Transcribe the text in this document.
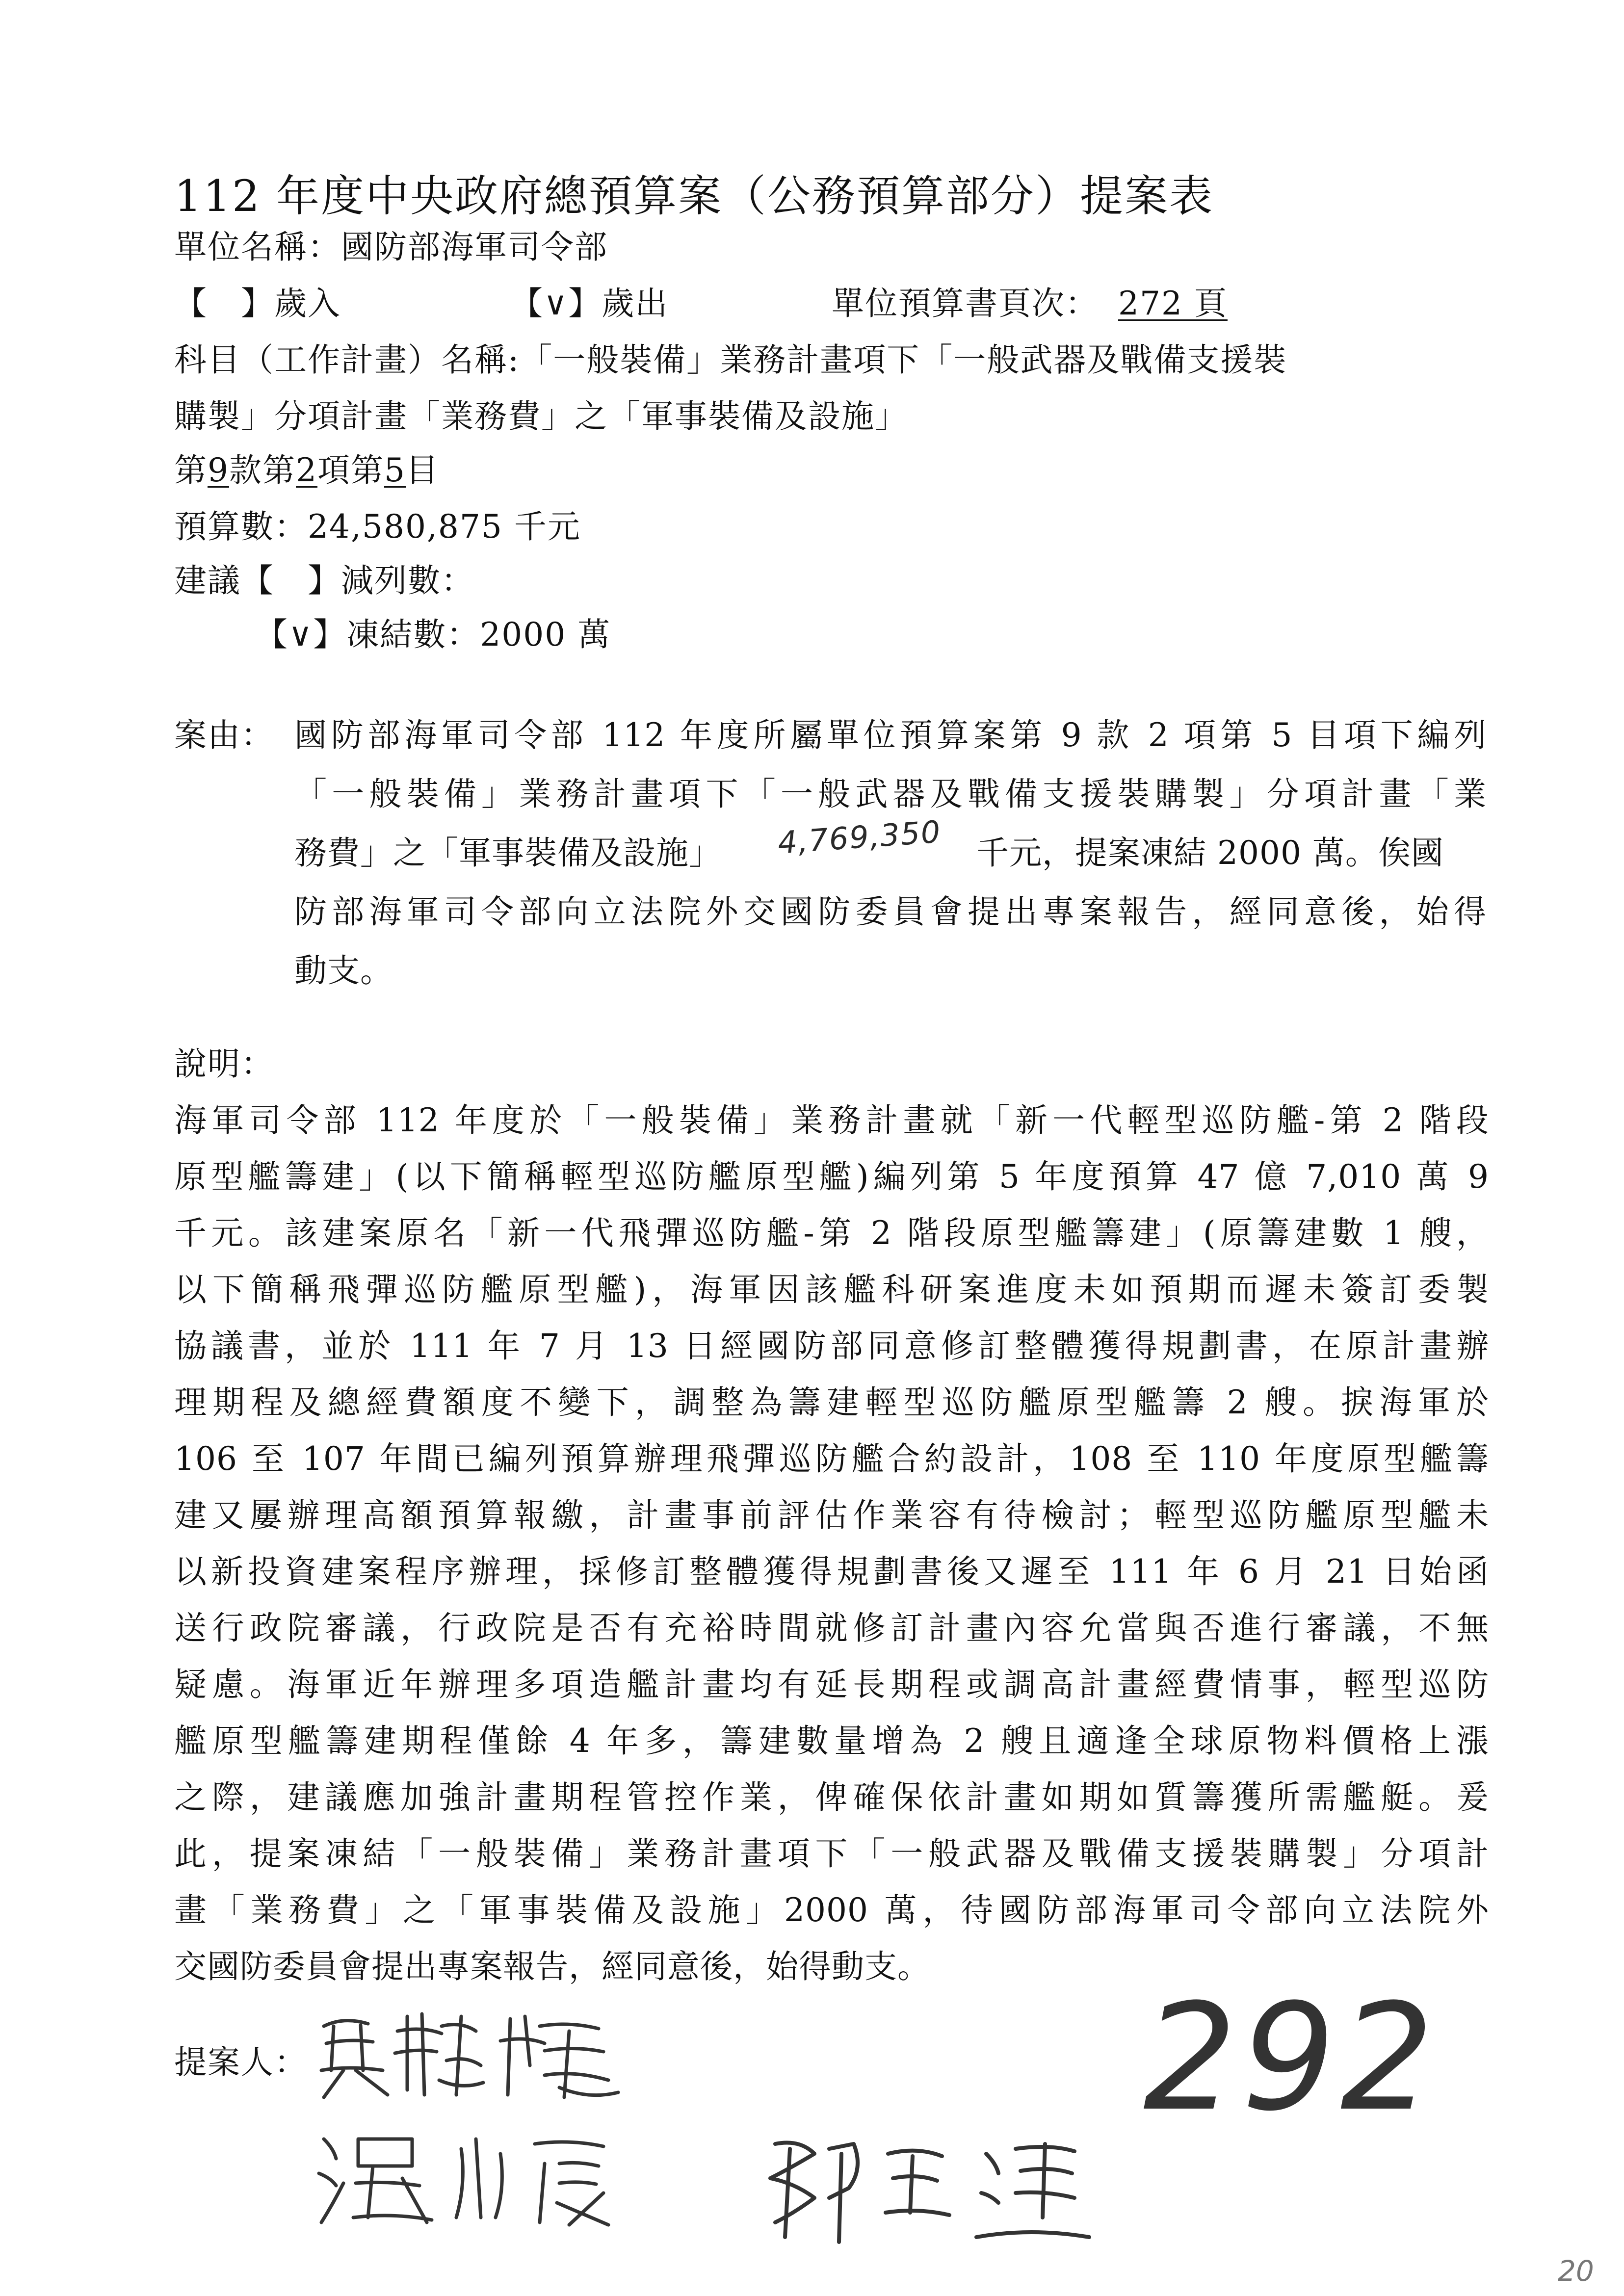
112 年度中央政府總預算案（公務預算部分）提案表
單位名稱：國防部海軍司令部
【　】歲入	【∨】歲出	單位預算書頁次： 272 頁
科目（工作計畫）名稱:「一般裝備」業務計畫項下「一般武器及戰備支援裝
購製」分項計畫「業務費」之「軍事裝備及設施」
第9款第2項第5目
預算數：24,580,875 千元
建議【　】減列數：
【∨】凍結數：2000 萬
案由： 國防部海軍司令部 112 年度所屬單位預算案第 9 款 2 項第 5 目項下編列
「一般裝備」業務計畫項下「一般武器及戰備支援裝購製」分項計畫「業
務費」之「軍事裝備及設施」 4,769,350 千元，提案凍結 2000 萬。俟國
防部海軍司令部向立法院外交國防委員會提出專案報告，經同意後，始得
動支。
說明：
海軍司令部 112 年度於「一般裝備」業務計畫就「新一代輕型巡防艦-第 2 階段
原型艦籌建」(以下簡稱輕型巡防艦原型艦)編列第 5 年度預算 47 億 7,010 萬 9
千元。該建案原名「新一代飛彈巡防艦-第 2 階段原型艦籌建」(原籌建數 1 艘，
以下簡稱飛彈巡防艦原型艦)，海軍因該艦科研案進度未如預期而遲未簽訂委製
協議書，並於 111 年 7 月 13 日經國防部同意修訂整體獲得規劃書，在原計畫辦
理期程及總經費額度不變下，調整為籌建輕型巡防艦原型艦籌 2 艘。捩海軍於
106 至 107 年間已編列預算辦理飛彈巡防艦合約設計，108 至 110 年度原型艦籌
建又屢辦理高額預算報繳，計畫事前評估作業容有待檢討；輕型巡防艦原型艦未
以新投資建案程序辦理，採修訂整體獲得規劃書後又遲至 111 年 6 月 21 日始函
送行政院審議，行政院是否有充裕時間就修訂計畫內容允當與否進行審議，不無
疑慮。海軍近年辦理多項造艦計畫均有延長期程或調高計畫經費情事，輕型巡防
艦原型艦籌建期程僅餘 4 年多，籌建數量增為 2 艘且適逢全球原物料價格上漲
之際，建議應加強計畫期程管控作業，俾確保依計畫如期如質籌獲所需艦艇。爰
此，提案凍結「一般裝備」業務計畫項下「一般武器及戰備支援裝購製」分項計
畫「業務費」之「軍事裝備及設施」2000 萬，待國防部海軍司令部向立法院外
交國防委員會提出專案報告，經同意後，始得動支。
提案人：	292
20
